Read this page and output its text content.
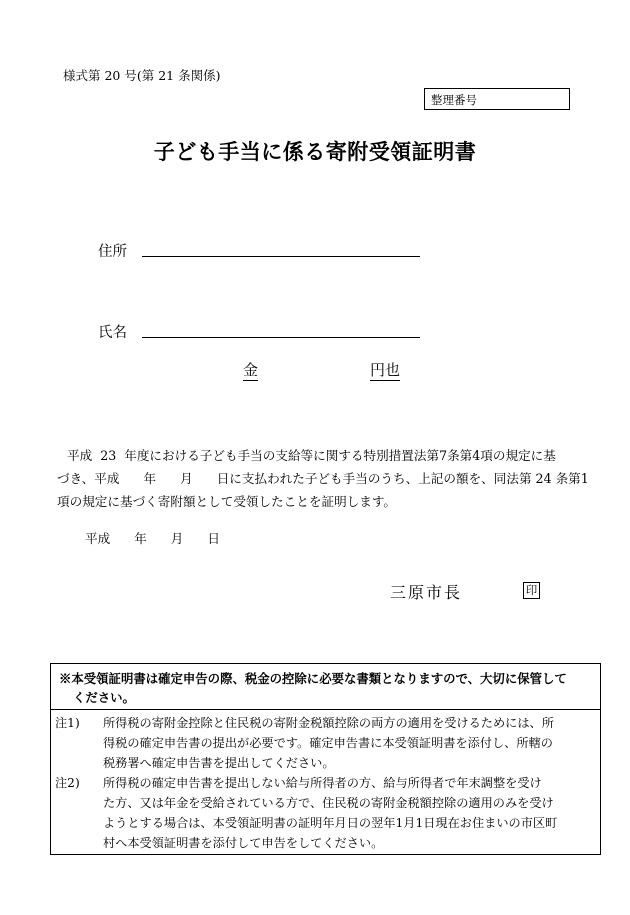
様式第 20 号(第 21 条関係)
整理番号
子ども手当に係る寄附受領証明書
住所
氏名
金	円也
平成  23  年度における子ども手当の支給等に関する特別措置法第7条第4項の規定に基
づき、平成      年      月      日に支払われた子ども手当のうち、上記の額を、同法第 24 条第1
項の規定に基づく寄附額として受領したことを証明します。
平成    年    月    日
三原市長	印
※本受領証明書は確定申告の際、税金の控除に必要な書類となりますので、大切に保管して
ください。
注1)	所得税の寄附金控除と住民税の寄附金税額控除の両方の適用を受けるためには、所
得税の確定申告書の提出が必要です。確定申告書に本受領証明書を添付し、所轄の
税務署へ確定申告書を提出してください。
注2)	所得税の確定申告書を提出しない給与所得者の方、給与所得者で年末調整を受け
た方、又は年金を受給されている方で、住民税の寄附金税額控除の適用のみを受け
ようとする場合は、本受領証明書の証明年月日の翌年1月1日現在お住まいの市区町
村へ本受領証明書を添付して申告をしてください。
